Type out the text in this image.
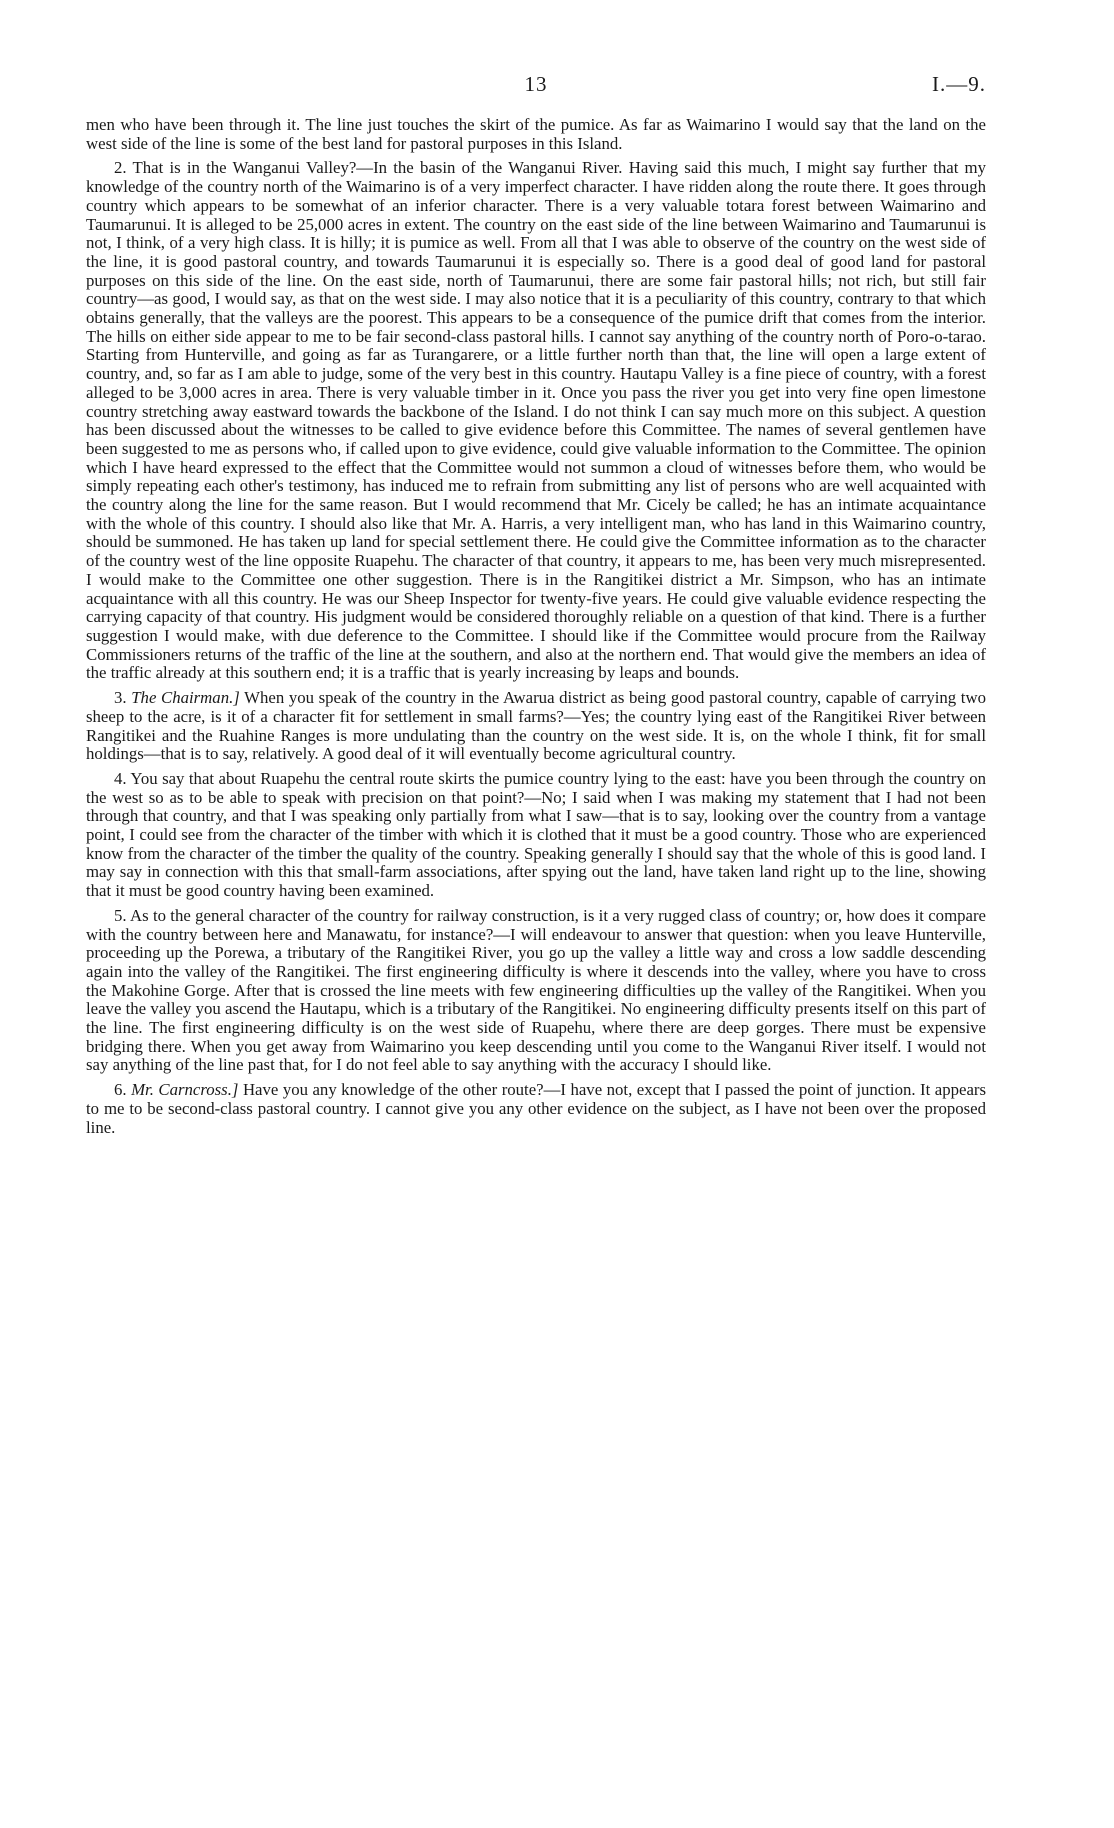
13	I.—9.

men who have been through it. The line just touches the skirt of the pumice. As far as Waimarino I would say that the land on the west side of the line is some of the best land for pastoral purposes in this Island.

2. That is in the Wanganui Valley?—In the basin of the Wanganui River. Having said this much, I might say further that my knowledge of the country north of the Waimarino is of a very imperfect character. I have ridden along the route there. It goes through country which appears to be somewhat of an inferior character. There is a very valuable totara forest between Waimarino and Taumarunui. It is alleged to be 25,000 acres in extent. The country on the east side of the line between Waimarino and Taumarunui is not, I think, of a very high class. It is hilly; it is pumice as well. From all that I was able to observe of the country on the west side of the line, it is good pastoral country, and towards Taumarunui it is especially so. There is a good deal of good land for pastoral purposes on this side of the line. On the east side, north of Taumarunui, there are some fair pastoral hills; not rich, but still fair country—as good, I would say, as that on the west side. I may also notice that it is a peculiarity of this country, contrary to that which obtains generally, that the valleys are the poorest. This appears to be a consequence of the pumice drift that comes from the interior. The hills on either side appear to me to be fair second-class pastoral hills. I cannot say anything of the country north of Poro-o-tarao. Starting from Hunterville, and going as far as Turangarere, or a little further north than that, the line will open a large extent of country, and, so far as I am able to judge, some of the very best in this country. Hautapu Valley is a fine piece of country, with a forest alleged to be 3,000 acres in area. There is very valuable timber in it. Once you pass the river you get into very fine open limestone country stretching away eastward towards the backbone of the Island. I do not think I can say much more on this subject. A question has been discussed about the witnesses to be called to give evidence before this Committee. The names of several gentlemen have been suggested to me as persons who, if called upon to give evidence, could give valuable information to the Committee. The opinion which I have heard expressed to the effect that the Committee would not summon a cloud of witnesses before them, who would be simply repeating each other's testimony, has induced me to refrain from submitting any list of persons who are well acquainted with the country along the line for the same reason. But I would recommend that Mr. Cicely be called; he has an intimate acquaintance with the whole of this country. I should also like that Mr. A. Harris, a very intelligent man, who has land in this Waimarino country, should be summoned. He has taken up land for special settlement there. He could give the Committee information as to the character of the country west of the line opposite Ruapehu. The character of that country, it appears to me, has been very much misrepresented. I would make to the Committee one other suggestion. There is in the Rangitikei district a Mr. Simpson, who has an intimate acquaintance with all this country. He was our Sheep Inspector for twenty-five years. He could give valuable evidence respecting the carrying capacity of that country. His judgment would be considered thoroughly reliable on a question of that kind. There is a further suggestion I would make, with due deference to the Committee. I should like if the Committee would procure from the Railway Commissioners returns of the traffic of the line at the southern, and also at the northern end. That would give the members an idea of the traffic already at this southern end; it is a traffic that is yearly increasing by leaps and bounds.

3. The Chairman.] When you speak of the country in the Awarua district as being good pastoral country, capable of carrying two sheep to the acre, is it of a character fit for settlement in small farms?—Yes; the country lying east of the Rangitikei River between Rangitikei and the Ruahine Ranges is more undulating than the country on the west side. It is, on the whole I think, fit for small holdings—that is to say, relatively. A good deal of it will eventually become agricultural country.

4. You say that about Ruapehu the central route skirts the pumice country lying to the east: have you been through the country on the west so as to be able to speak with precision on that point?—No; I said when I was making my statement that I had not been through that country, and that I was speaking only partially from what I saw—that is to say, looking over the country from a vantage point, I could see from the character of the timber with which it is clothed that it must be a good country. Those who are experienced know from the character of the timber the quality of the country. Speaking generally I should say that the whole of this is good land. I may say in connection with this that small-farm associations, after spying out the land, have taken land right up to the line, showing that it must be good country having been examined.

5. As to the general character of the country for railway construction, is it a very rugged class of country; or, how does it compare with the country between here and Manawatu, for instance?—I will endeavour to answer that question: when you leave Hunterville, proceeding up the Porewa, a tributary of the Rangitikei River, you go up the valley a little way and cross a low saddle descending again into the valley of the Rangitikei. The first engineering difficulty is where it descends into the valley, where you have to cross the Makohine Gorge. After that is crossed the line meets with few engineering difficulties up the valley of the Rangitikei. When you leave the valley you ascend the Hautapu, which is a tributary of the Rangitikei. No engineering difficulty presents itself on this part of the line. The first engineering difficulty is on the west side of Ruapehu, where there are deep gorges. There must be expensive bridging there. When you get away from Waimarino you keep descending until you come to the Wanganui River itself. I would not say anything of the line past that, for I do not feel able to say anything with the accuracy I should like.

6. Mr. Carncross.] Have you any knowledge of the other route?—I have not, except that I passed the point of junction. It appears to me to be second-class pastoral country. I cannot give you any other evidence on the subject, as I have not been over the proposed line.
